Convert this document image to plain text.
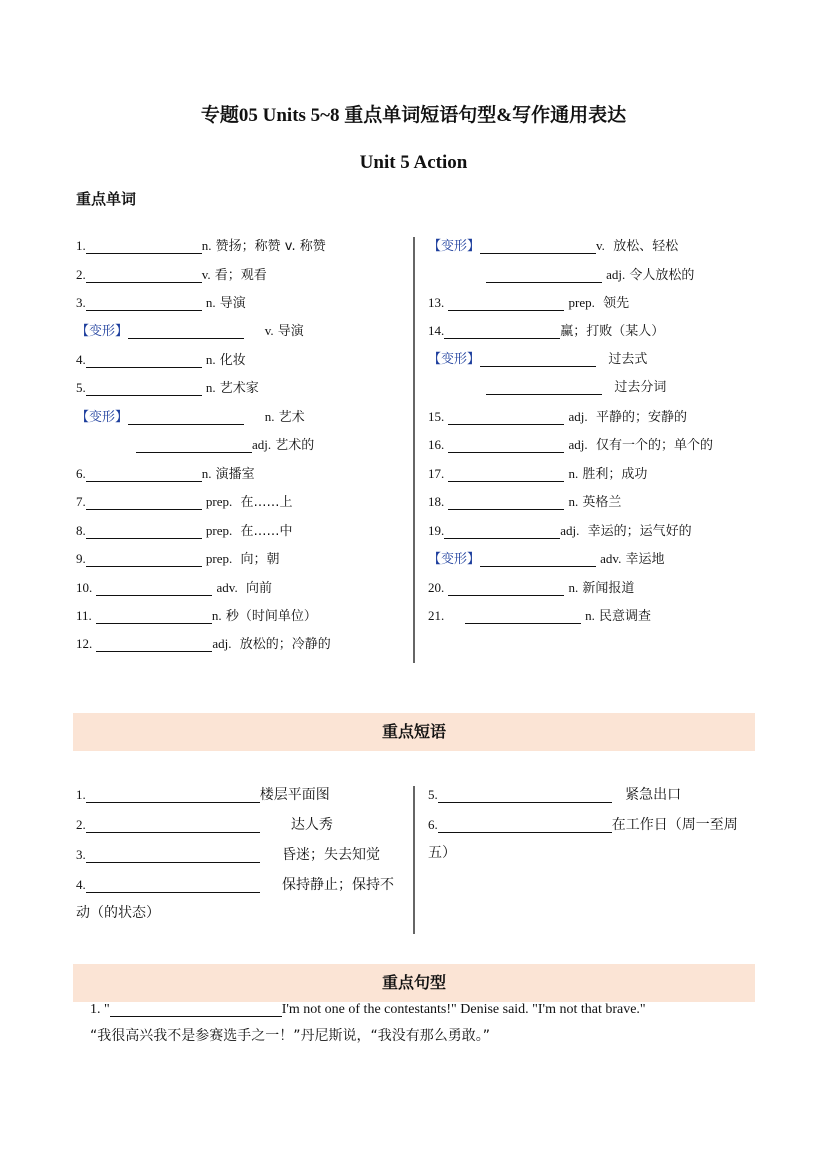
专题05 Units 5~8 重点单词短语句型&写作通用表达
Unit 5 Action
重点单词
1.	n. 赞扬；称赞 v. 称赞
2.	v. 看；观看
3.	n. 导演
【变形】	v. 导演
4.	n. 化妆
5.	n. 艺术家
【变形】	n. 艺术
adj. 艺术的
6.	n. 演播室
7.	prep. 在……上
8.	prep. 在……中
9.	prep. 向；朝
10.	adv. 向前
11.	n. 秒（时间单位）
12.	adj. 放松的；冷静的
【变形】	v. 放松、轻松
adj. 令人放松的
13.	prep. 领先
14.	赢；打败（某人）
【变形】	过去式
过去分词
15.	adj. 平静的；安静的
16.	adj. 仅有一个的；单个的
17.	n. 胜利；成功
18.	n. 英格兰
19.	adj. 幸运的；运气好的
【变形】	adv. 幸运地
20.	n. 新闻报道
21.	n. 民意调查
重点短语
1.	楼层平面图
2.	达人秀
3.	昏迷；失去知觉
4.	保持静止；保持不
动（的状态）
5.	紧急出口
6.	在工作日（周一至周
五）
重点句型
1. "	I'm not one of the contestants!" Denise said. "I'm not that brave."
“我很高兴我不是参赛选手之一！”丹尼斯说，“我没有那么勇敢。”
